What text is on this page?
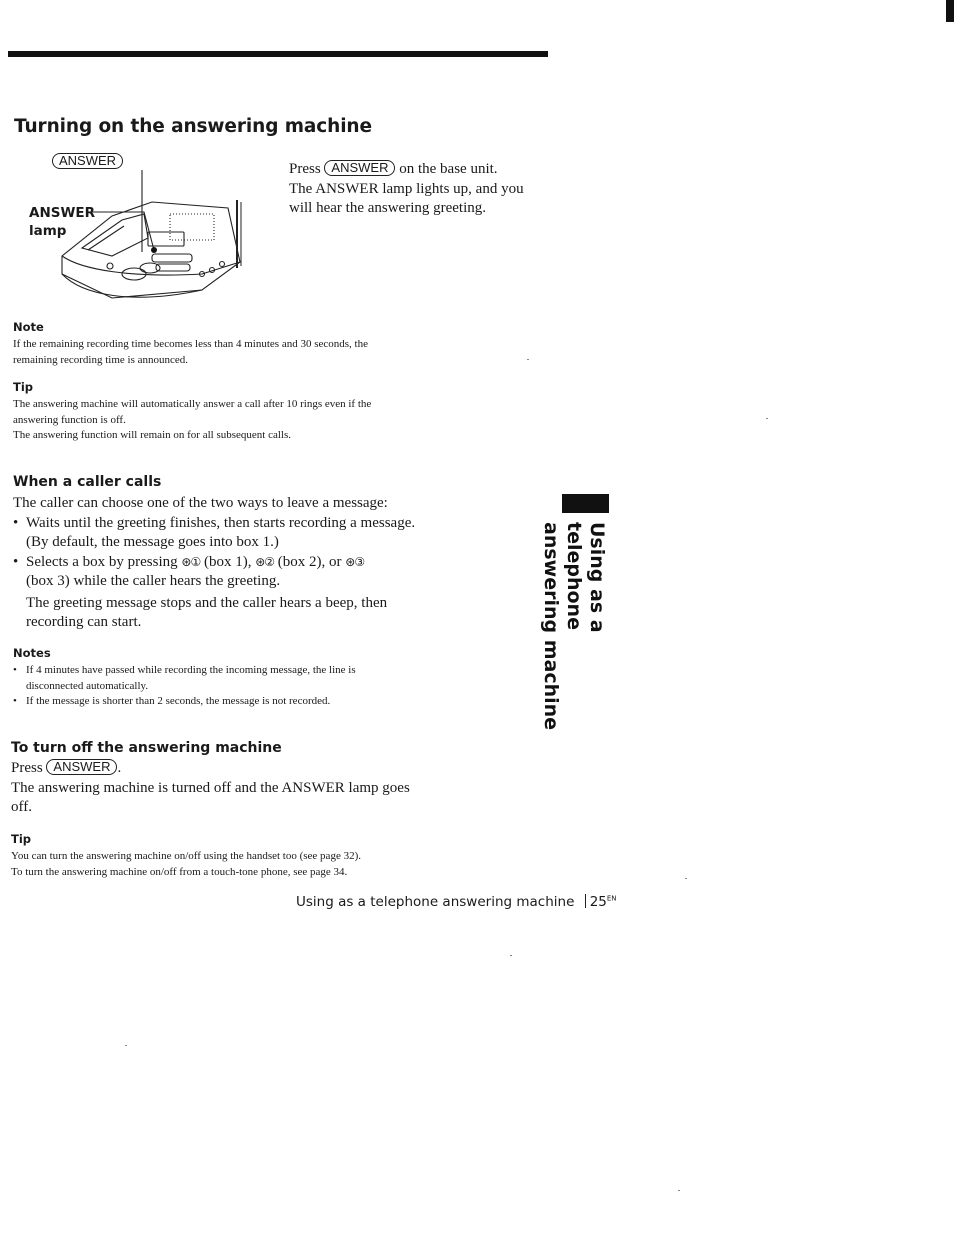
Turning on the answering machine
ANSWER
ANSWER
lamp
Press ANSWER on the base unit.
The ANSWER lamp lights up, and you
will hear the answering greeting.
Note
If the remaining recording time becomes less than 4 minutes and 30 seconds, the
remaining recording time is announced.
Tip
The answering machine will automatically answer a call after 10 rings even if the
answering function is off.
The answering function will remain on for all subsequent calls.
When a caller calls
The caller can choose one of the two ways to leave a message:
• Waits until the greeting finishes, then starts recording a message.
(By default, the message goes into box 1.)
• Selects a box by pressing ⊛① (box 1), ⊛② (box 2), or ⊛③
(box 3) while the caller hears the greeting.
The greeting message stops and the caller hears a beep, then
recording can start.
Notes
• If 4 minutes have passed while recording the incoming message, the line is
disconnected automatically.
• If the message is shorter than 2 seconds, the message is not recorded.
To turn off the answering machine
Press ANSWER .
The answering machine is turned off and the ANSWER lamp goes
off.
Tip
You can turn the answering machine on/off using the handset too (see page 32).
To turn the answering machine on/off from a touch-tone phone, see page 34.
Using as a telephone
answering machine
Using as a telephone answering machine $25^{EN}$
